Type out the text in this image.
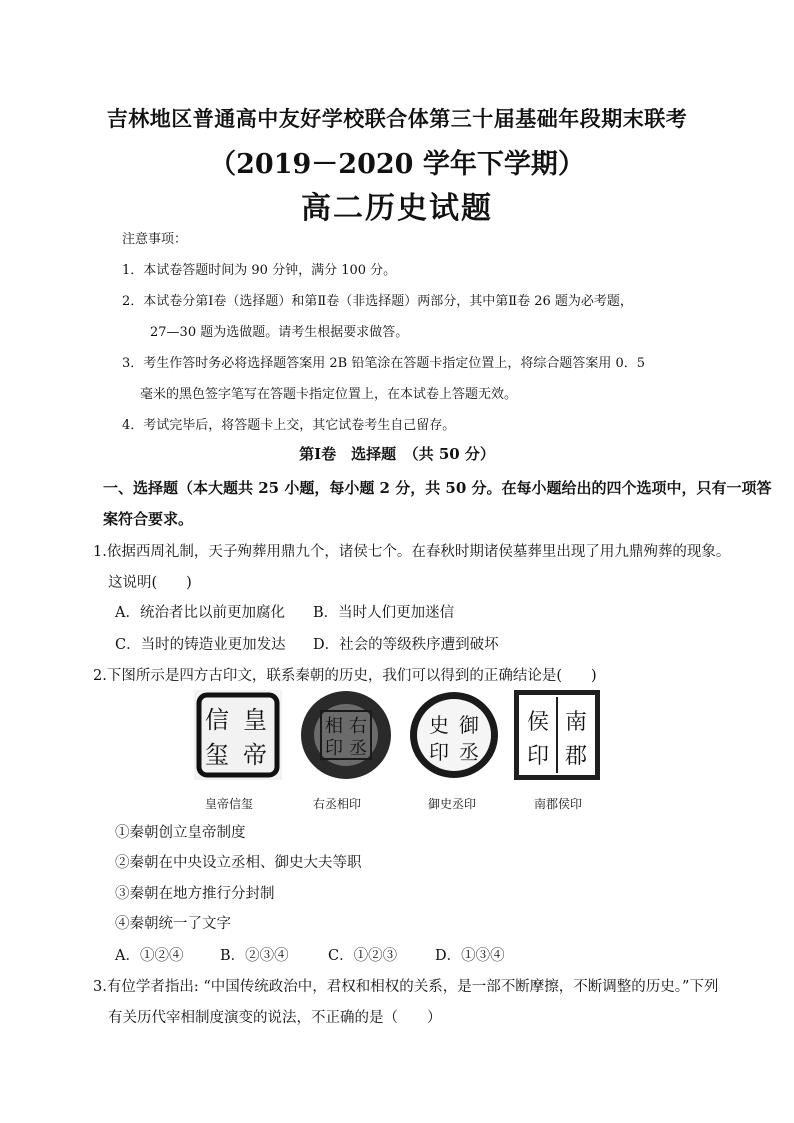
吉林地区普通高中友好学校联合体第三十届基础年段期末联考
（2019－2020 学年下学期）
高二历史试题
注意事项：
1．本试卷答题时间为 90 分钟，满分 100 分。
2．本试卷分第Ⅰ卷（选择题）和第Ⅱ卷（非选择题）两部分，其中第Ⅱ卷 26 题为必考题，
27—30 题为选做题。请考生根据要求做答。
3．考生作答时务必将选择题答案用 2B 铅笔涂在答题卡指定位置上，将综合题答案用 0．5
毫米的黑色签字笔写在答题卡指定位置上，在本试卷上答题无效。
4．考试完毕后，将答题卡上交，其它试卷考生自己留存。
第Ⅰ卷　选择题　（共 50 分）
一、选择题（本大题共 25 小题，每小题 2 分，共 50 分。在每小题给出的四个选项中，只有一项答
案符合要求。
1.依据西周礼制，天子殉葬用鼎九个，诸侯七个。在春秋时期诸侯墓葬里出现了用九鼎殉葬的现象。
这说明(　　)
A．统治者比以前更加腐化 B．当时人们更加迷信
C．当时的铸造业更加发达 D．社会的等级秩序遭到破坏
2.下图所示是四方古印文，联系秦朝的历史，我们可以得到的正确结论是(　　)
信 皇
玺 帝
相 右
印 丞
史 御
印 丞
侯 南
印 郡
皇帝信玺	右丞相印	御史丞印	南郡侯印
①秦朝创立皇帝制度
②秦朝在中央设立丞相、御史大夫等职
③秦朝在地方推行分封制
④秦朝统一了文字
A．①②④	B．②③④	C．①②③	D．①③④
3.有位学者指出: “中国传统政治中，君权和相权的关系，是一部不断摩擦，不断调整的历史。”下列
有关历代宰相制度演变的说法，不正确的是（　　）
